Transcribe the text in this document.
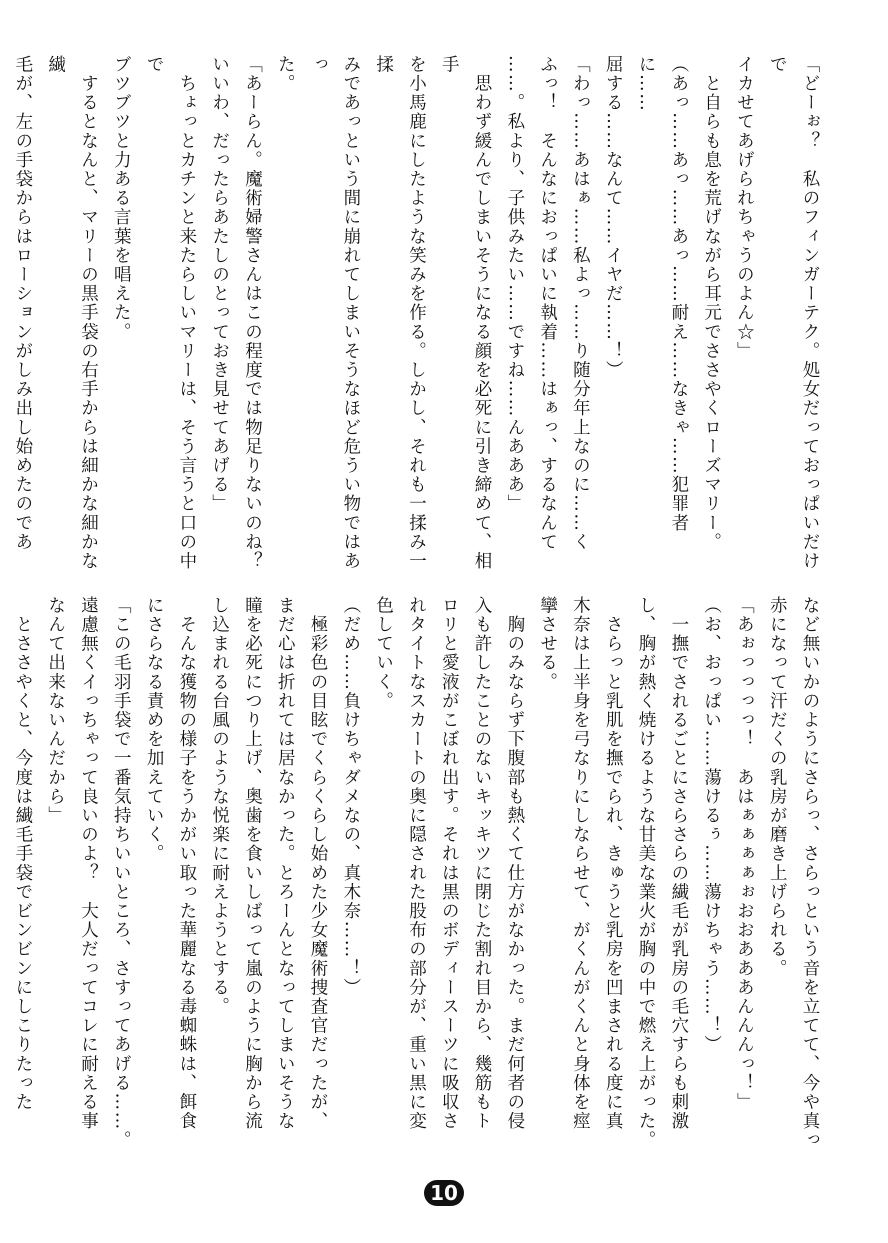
「どーぉ？　私のフィンガーテク。処女だっておっぱいだけで
イカせてあげられちゃうのよん☆」
　と自らも息を荒げながら耳元でささやくローズマリー。
（あっ……あっ……あっ……耐え……なきゃ……犯罪者に……
屈する……なんて……イヤだ……！）
「わっ……あはぁ……私よっ……り随分年上なのに……く
ふっ！　そんなにおっぱいに執着……はぁっ、するなんて
……。私より、子供みたい……ですね……んあああ」
　思わず緩んでしまいそうになる顔を必死に引き締めて、相手
を小馬鹿にしたような笑みを作る。しかし、それも一揉み一揉
みであっという間に崩れてしまいそうなほど危うい物ではあっ
た。
「あーらん。魔術婦警さんはこの程度では物足りないのね？
いいわ、だったらあたしのとっておき見せてあげる」
　ちょっとカチンと来たらしいマリーは、そう言うと口の中で
ブツブツと力ある言葉を唱えた。
　するとなんと、マリーの黒手袋の右手からは細かな細かな繊
毛が、左の手袋からはローションがしみ出し始めたのであ
など無いかのようにさらっ、さらっという音を立てて、今や真っ
赤になって汗だくの乳房が磨き上げられる。
「あぉっっっっ！　あはぁぁぁぁぉおおあああんんんっ！」
（お、おっぱい……蕩けるぅ……蕩けちゃう……！）
　一撫でされるごとにさらさらの繊毛が乳房の毛穴すらも刺激
し、胸が熱く焼けるような甘美な業火が胸の中で燃え上がった。
　さらっと乳肌を撫でられ、きゅうと乳房を凹まされる度に真
木奈は上半身を弓なりにしならせて、がくんがくんと身体を痙
攣させる。
　胸のみならず下腹部も熱くて仕方がなかった。まだ何者の侵
入も許したことのないキッキツに閉じた割れ目から、幾筋もト
ロリと愛液がこぼれ出す。それは黒のボディースーツに吸収さ
れタイトなスカートの奥に隠された股布の部分が、重い黒に変
色していく。
（だめ……負けちゃダメなの、真木奈……！）
　極彩色の目眩でくらくらし始めた少女魔術捜査官だったが、
まだ心は折れては居なかった。とろーんとなってしまいそうな
瞳を必死につり上げ、奥歯を食いしばって嵐のように胸から流
し込まれる台風のような悦楽に耐えようとする。
　そんな獲物の様子をうかがい取った華麗なる毒蜘蛛は、餌食
にさらなる責めを加えていく。
「この毛羽手袋で一番気持ちいいところ、さすってあげる……。
遠慮無くイっちゃって良いのよ？　大人だってコレに耐える事
なんて出来ないんだから」
　とささやくと、今度は繊毛手袋でビンビンにしこりたった
10
